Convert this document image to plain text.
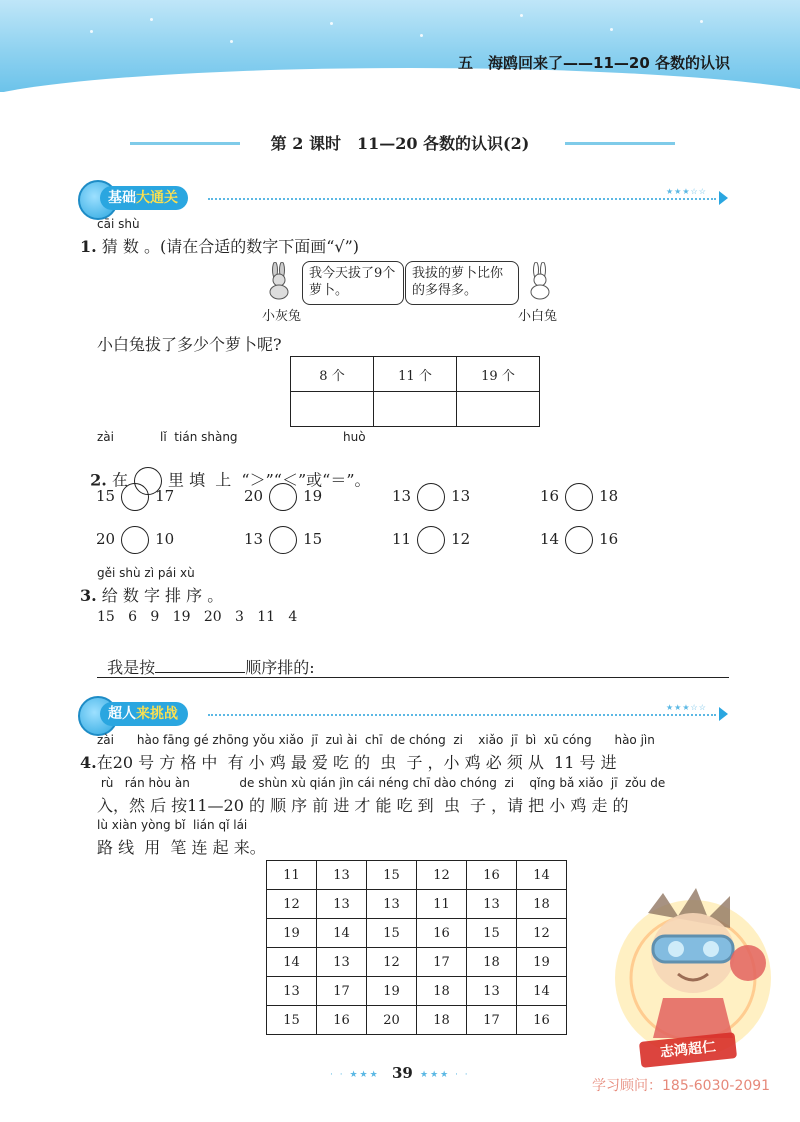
五　海鸥回来了——11—20 各数的认识
第 2 课时　11—20 各数的认识(2)
基础大通关	★★★☆☆
cāi shù
1. 猜 数 。(请在合适的数字下面画“√”)
我今天拔了9个萝卜。
我拔的萝卜比你的多得多。
小灰兔	小白兔
小白兔拔了多少个萝卜呢?
8 个	11 个	19 个

zài	lǐ  tián shàng	huò

2. 在	里 填  上  “＞”“＜”或“＝”。

15	17	20	19	13	13	16	18
20	10	13	15	11	12	14	16
gěi shù zì pái xù
3. 给 数 字 排 序 。
15   6   9   19   20   3   11   4

我是按	顺序排的:

超人来挑战	★★★☆☆
zài      hào fāng gé zhōng yǒu xiǎo  jī  zuì ài  chī  de chóng  zi    xiǎo  jī  bì  xū cóng      hào jìn
4.在20 号 方 格 中  有 小 鸡 最 爱 吃 的  虫  子 ，小 鸡 必 须 从  11 号 进
rù   rán hòu àn             de shùn xù qián jìn cái néng chī dào chóng  zi    qǐng bǎ xiǎo  jī  zǒu de
入，然 后 按11—20 的 顺 序 前 进 才 能 吃 到  虫  子 ，请 把 小 鸡 走 的
lù xiàn yòng bǐ  lián qǐ lái
路 线  用  笔 连 起 来。
11	13	15	12	16	14
12	13	13	11	13	18
19	14	15	16	15	12
14	13	12	17	18	19
13	17	19	18	13	14
15	16	20	18	17	16
志鸿超仁
· · ★★★ 39 ★★★ · ·
学习顾问：185-6030-2091
